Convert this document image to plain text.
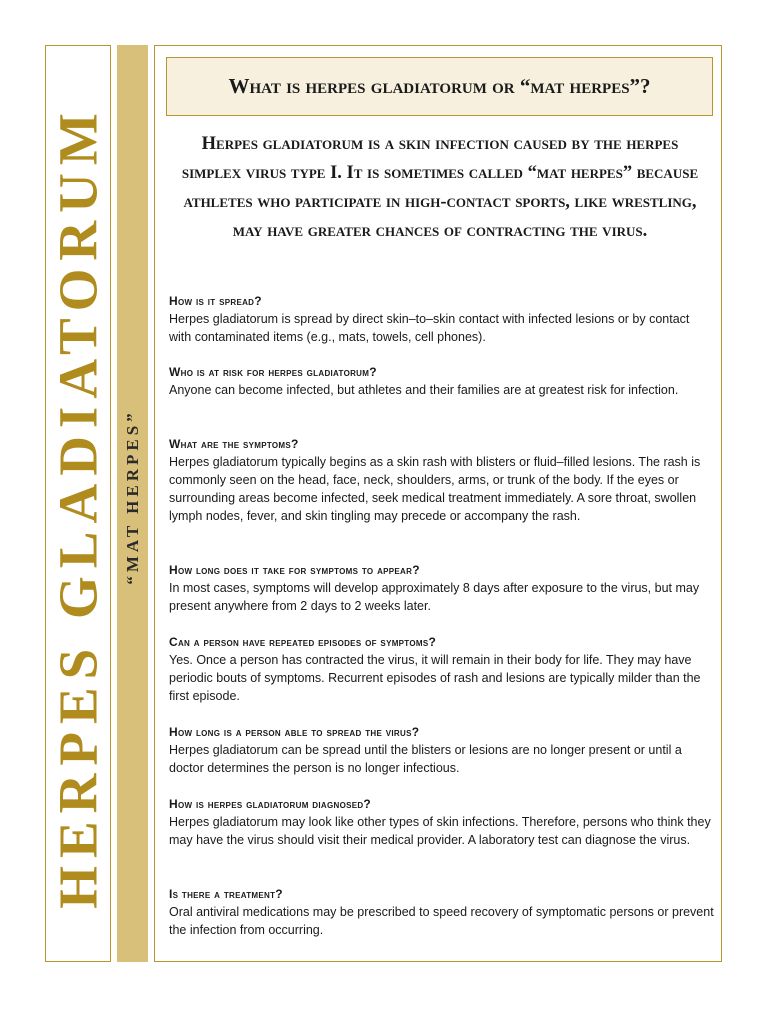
HERPES GLADIATORUM “MAT HERPES”
What is herpes gladiatorum or “mat herpes”?
Herpes gladiatorum is a skin infection caused by the herpes simplex virus type I. It is sometimes called “mat herpes” because athletes who participate in high-contact sports, like wrestling, may have greater chances of contracting the virus.
How is it spread?

Herpes gladiatorum is spread by direct skin–to–skin contact with infected lesions or by contact with contaminated items (e.g., mats, towels, cell phones).

Who is at risk for herpes gladiatorum?

Anyone can become infected, but athletes and their families are at greatest risk for infection.

What are the symptoms?

Herpes gladiatorum typically begins as a skin rash with blisters or fluid–filled lesions. The rash is commonly seen on the head, face, neck, shoulders, arms, or trunk of the body. If the eyes or surrounding areas become infected, seek medical treatment immediately. A sore throat, swollen lymph nodes, fever, and skin tingling may precede or accompany the rash.

How long does it take for symptoms to appear?

In most cases, symptoms will develop approximately 8 days after exposure to the virus, but may present anywhere from 2 days to 2 weeks later.

Can a person have repeated episodes of symptoms?

Yes. Once a person has contracted the virus, it will remain in their body for life. They may have periodic bouts of symptoms. Recurrent episodes of rash and lesions are typically milder than the first episode.

How long is a person able to spread the virus?

Herpes gladiatorum can be spread until the blisters or lesions are no longer present or until a doctor determines the person is no longer infectious.

How is herpes gladiatorum diagnosed?

Herpes gladiatorum may look like other types of skin infections. Therefore, persons who think they may have the virus should visit their medical provider. A laboratory test can diagnose the virus.

Is there a treatment?

Oral antiviral medications may be prescribed to speed recovery of symptomatic persons or prevent the infection from occurring.
